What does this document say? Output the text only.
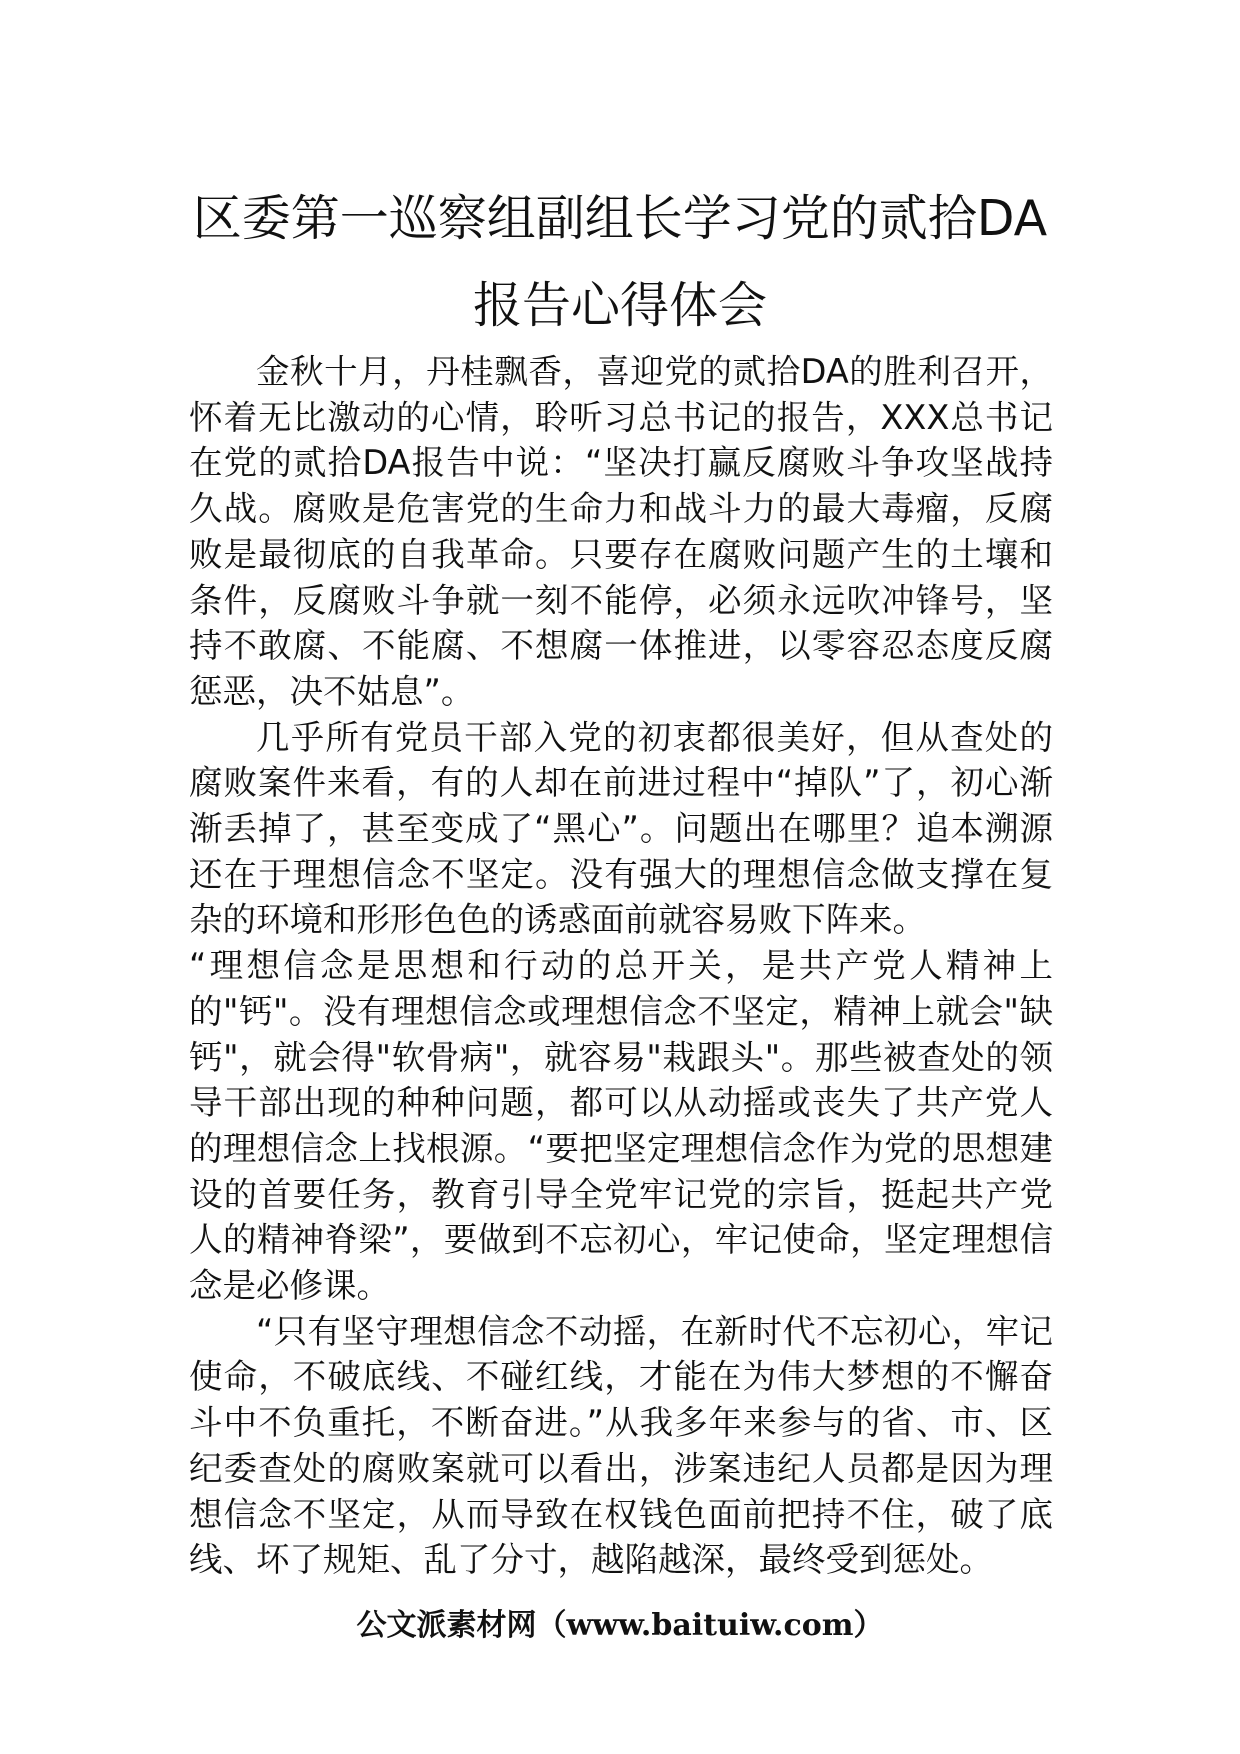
区委第一巡察组副组长学习党的贰拾DA
报告心得体会

金秋十月，丹桂飘香，喜迎党的贰拾DA的胜利召开，怀着无比激动的心情，聆听习总书记的报告，XXX总书记在党的贰拾DA报告中说：“坚决打赢反腐败斗争攻坚战持久战。腐败是危害党的生命力和战斗力的最大毒瘤，反腐败是最彻底的自我革命。只要存在腐败问题产生的土壤和条件，反腐败斗争就一刻不能停，必须永远吹冲锋号，坚持不敢腐、不能腐、不想腐一体推进，以零容忍态度反腐惩恶，决不姑息”。

几乎所有党员干部入党的初衷都很美好，但从查处的腐败案件来看，有的人却在前进过程中“掉队”了，初心渐渐丢掉了，甚至变成了“黑心”。问题出在哪里？追本溯源还在于理想信念不坚定。没有强大的理想信念做支撑在复杂的环境和形形色色的诱惑面前就容易败下阵来。

“理想信念是思想和行动的总开关，是共产党人精神上的"钙"。没有理想信念或理想信念不坚定，精神上就会"缺钙"，就会得"软骨病"，就容易"栽跟头"。那些被查处的领导干部出现的种种问题，都可以从动摇或丧失了共产党人的理想信念上找根源。“要把坚定理想信念作为党的思想建设的首要任务，教育引导全党牢记党的宗旨，挺起共产党人的精神脊梁”，要做到不忘初心，牢记使命，坚定理想信念是必修课。

“只有坚守理想信念不动摇，在新时代不忘初心，牢记使命，不破底线、不碰红线，才能在为伟大梦想的不懈奋斗中不负重托，不断奋进。”从我多年来参与的省、市、区纪委查处的腐败案就可以看出，涉案违纪人员都是因为理想信念不坚定，从而导致在权钱色面前把持不住，破了底线、坏了规矩、乱了分寸，越陷越深，最终受到惩处。

公文派素材网（www.baituiw.com）
